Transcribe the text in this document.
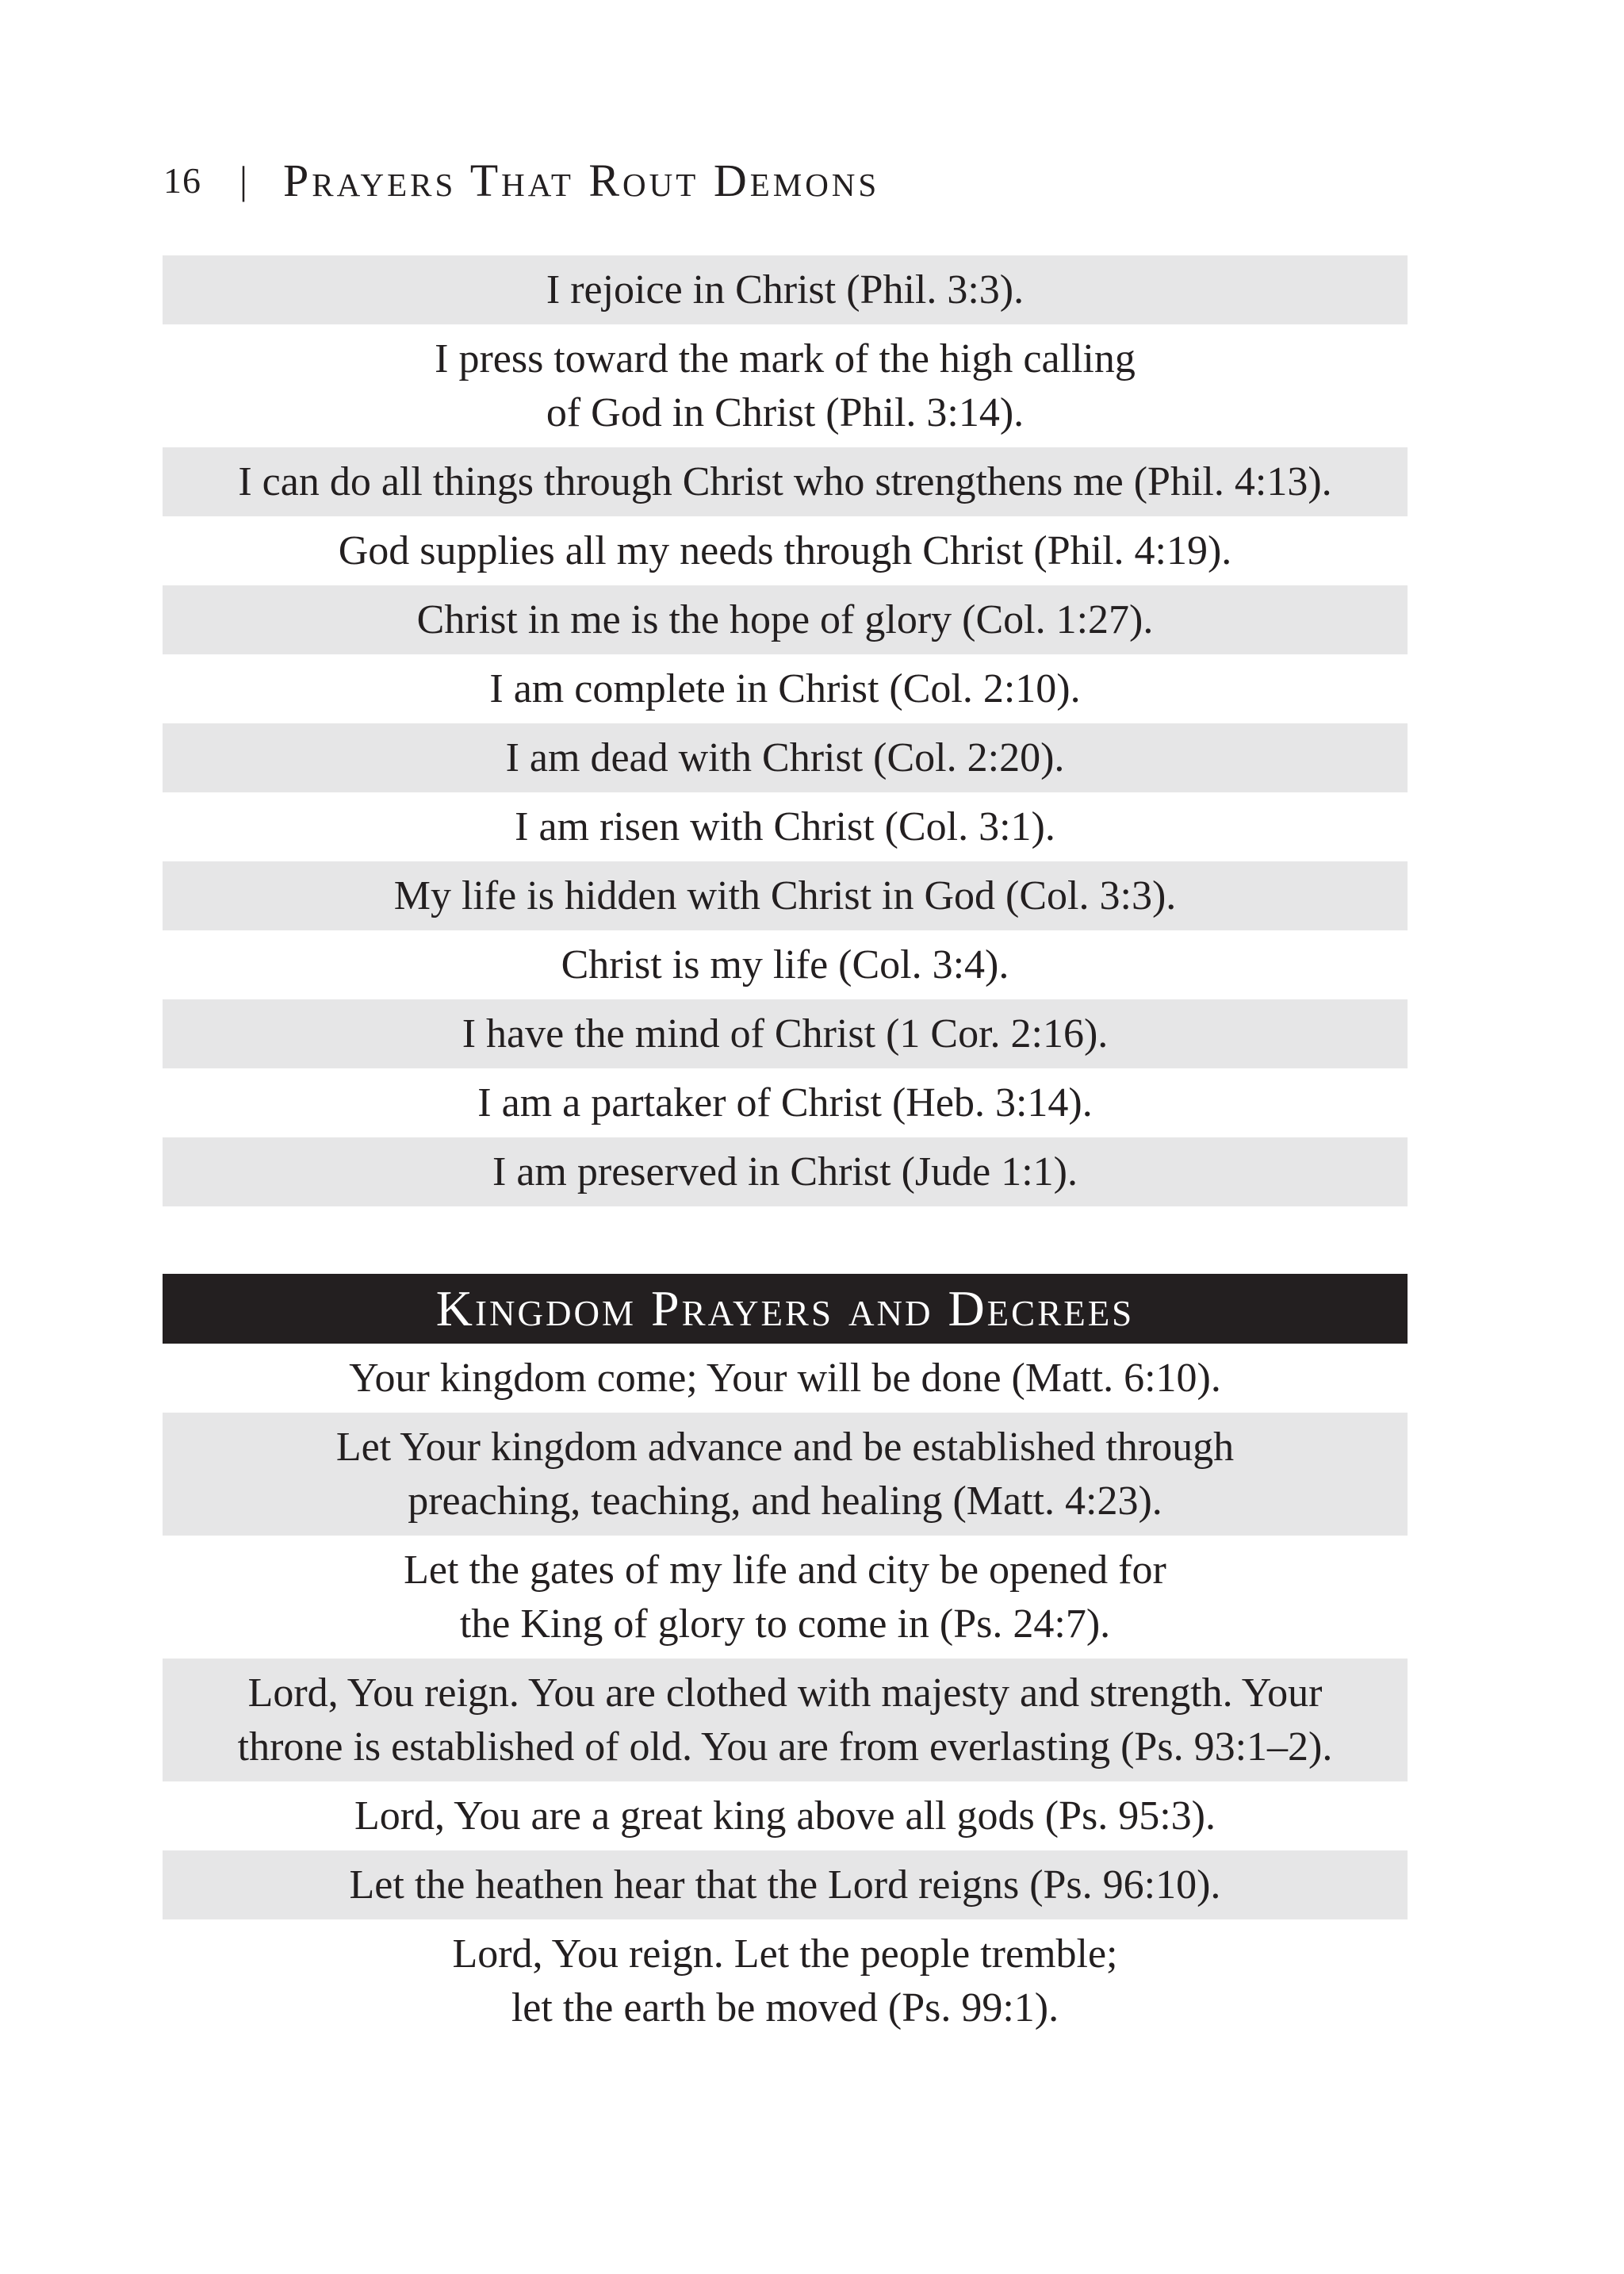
16 | Prayers That Rout Demons
I rejoice in Christ (Phil. 3:3).
I press toward the mark of the high calling
of God in Christ (Phil. 3:14).
I can do all things through Christ who strengthens me (Phil. 4:13).
God supplies all my needs through Christ (Phil. 4:19).
Christ in me is the hope of glory (Col. 1:27).
I am complete in Christ (Col. 2:10).
I am dead with Christ (Col. 2:20).
I am risen with Christ (Col. 3:1).
My life is hidden with Christ in God (Col. 3:3).
Christ is my life (Col. 3:4).
I have the mind of Christ (1 Cor. 2:16).
I am a partaker of Christ (Heb. 3:14).
I am preserved in Christ (Jude 1:1).
Kingdom Prayers and Decrees
Your kingdom come; Your will be done (Matt. 6:10).
Let Your kingdom advance and be established through
preaching, teaching, and healing (Matt. 4:23).
Let the gates of my life and city be opened for
the King of glory to come in (Ps. 24:7).
Lord, You reign. You are clothed with majesty and strength. Your
throne is established of old. You are from everlasting (Ps. 93:1–2).
Lord, You are a great king above all gods (Ps. 95:3).
Let the heathen hear that the Lord reigns (Ps. 96:10).
Lord, You reign. Let the people tremble;
let the earth be moved (Ps. 99:1).
